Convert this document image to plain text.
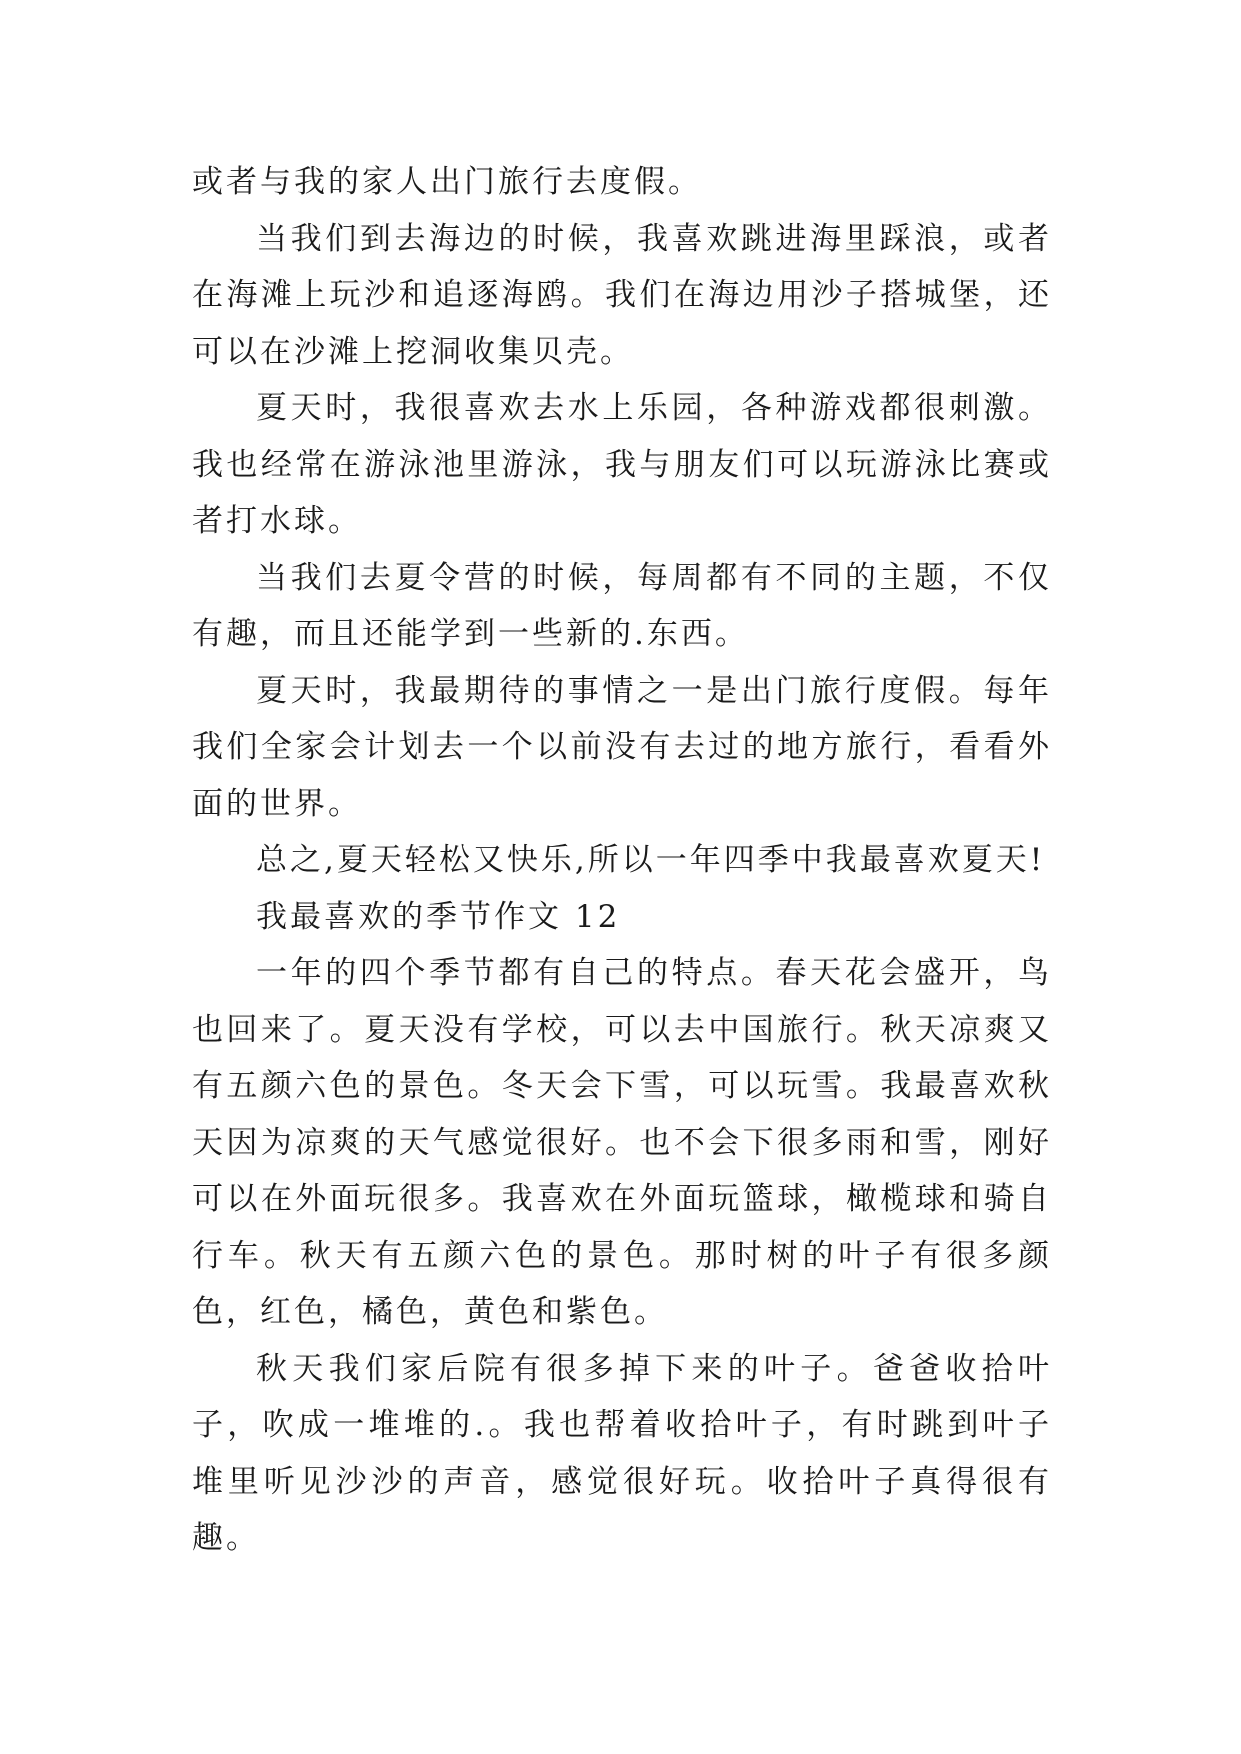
或者与我的家人出门旅行去度假。

当我们到去海边的时候，我喜欢跳进海里踩浪，或者在海滩上玩沙和追逐海鸥。我们在海边用沙子搭城堡，还可以在沙滩上挖洞收集贝壳。

夏天时，我很喜欢去水上乐园，各种游戏都很刺激。我也经常在游泳池里游泳，我与朋友们可以玩游泳比赛或者打水球。

当我们去夏令营的时候，每周都有不同的主题，不仅有趣，而且还能学到一些新的.东西。

夏天时，我最期待的事情之一是出门旅行度假。每年我们全家会计划去一个以前没有去过的地方旅行，看看外面的世界。

总之,夏天轻松又快乐,所以一年四季中我最喜欢夏天!

我最喜欢的季节作文 12

一年的四个季节都有自己的特点。春天花会盛开，鸟也回来了。夏天没有学校，可以去中国旅行。秋天凉爽又有五颜六色的景色。冬天会下雪，可以玩雪。我最喜欢秋天因为凉爽的天气感觉很好。也不会下很多雨和雪，刚好可以在外面玩很多。我喜欢在外面玩篮球，橄榄球和骑自行车。秋天有五颜六色的景色。那时树的叶子有很多颜色，红色，橘色，黄色和紫色。

秋天我们家后院有很多掉下来的叶子。爸爸收拾叶子，吹成一堆堆的.。我也帮着收拾叶子，有时跳到叶子堆里听见沙沙的声音，感觉很好玩。收拾叶子真得很有趣。
